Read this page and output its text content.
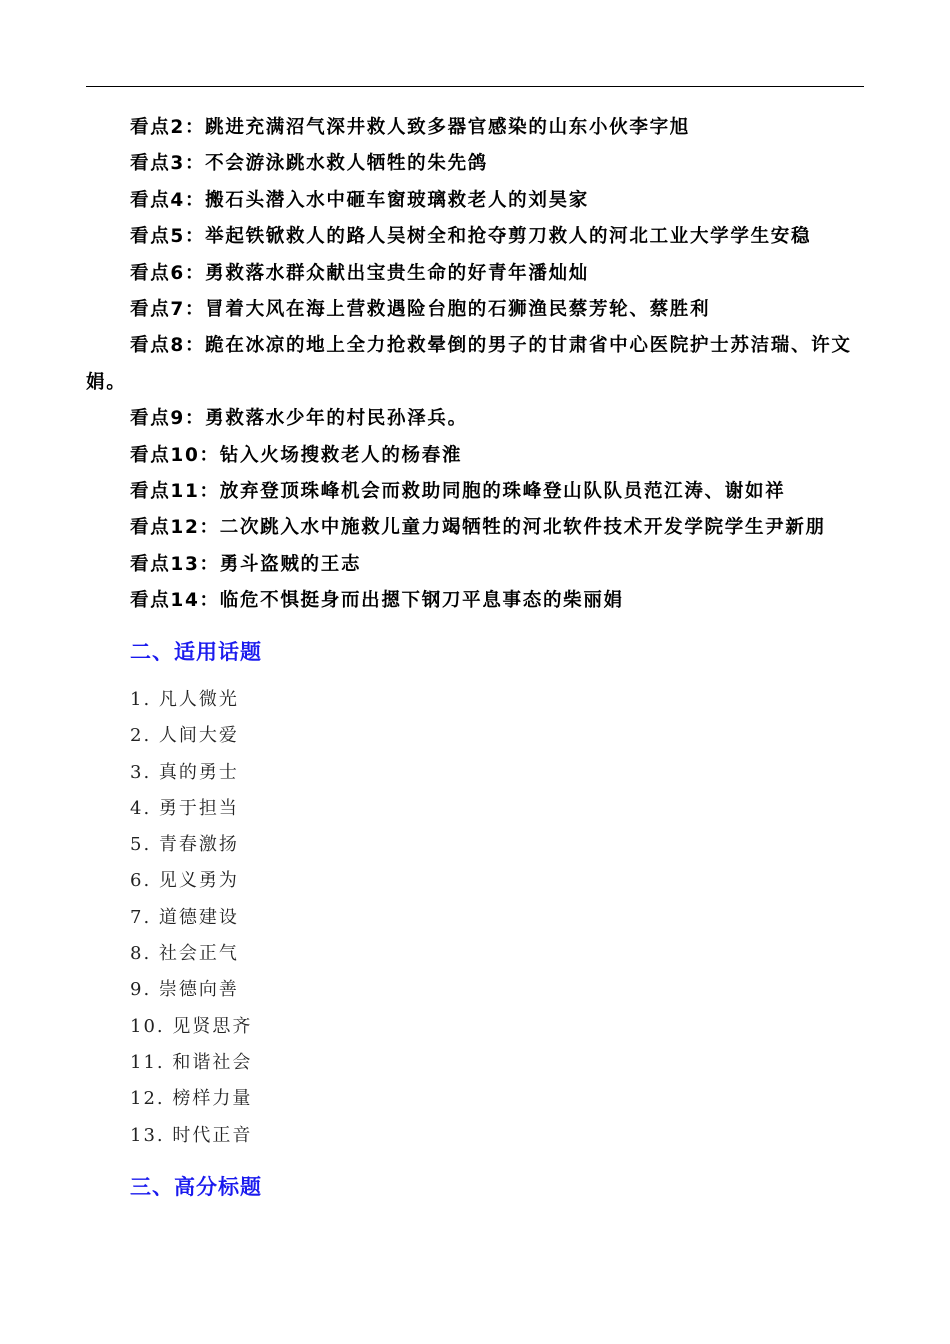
看点2：跳进充满沼气深井救人致多器官感染的山东小伙李字旭

看点3：不会游泳跳水救人牺牲的朱先鸽

看点4：搬石头潜入水中砸车窗玻璃救老人的刘昊家

看点5：举起铁锨救人的路人吴树全和抢夺剪刀救人的河北工业大学学生安稳

看点6：勇救落水群众献出宝贵生命的好青年潘灿灿

看点7：冒着大风在海上营救遇险台胞的石狮渔民蔡芳轮、蔡胜利

看点8：跪在冰凉的地上全力抢救晕倒的男子的甘肃省中心医院护士苏洁瑞、许文娟。

看点9：勇救落水少年的村民孙泽兵。

看点10：钻入火场搜救老人的杨春淮

看点11：放弃登顶珠峰机会而救助同胞的珠峰登山队队员范江涛、谢如祥

看点12：二次跳入水中施救儿童力竭牺牲的河北软件技术开发学院学生尹新朋

看点13：勇斗盗贼的王志

看点14：临危不惧挺身而出摁下钢刀平息事态的柴丽娟

二、适用话题
1. 凡人微光
2. 人间大爱
3. 真的勇士
4. 勇于担当
5. 青春激扬
6. 见义勇为
7. 道德建设
8. 社会正气
9. 崇德向善
10. 见贤思齐
11. 和谐社会
12. 榜样力量
13. 时代正音
三、高分标题
